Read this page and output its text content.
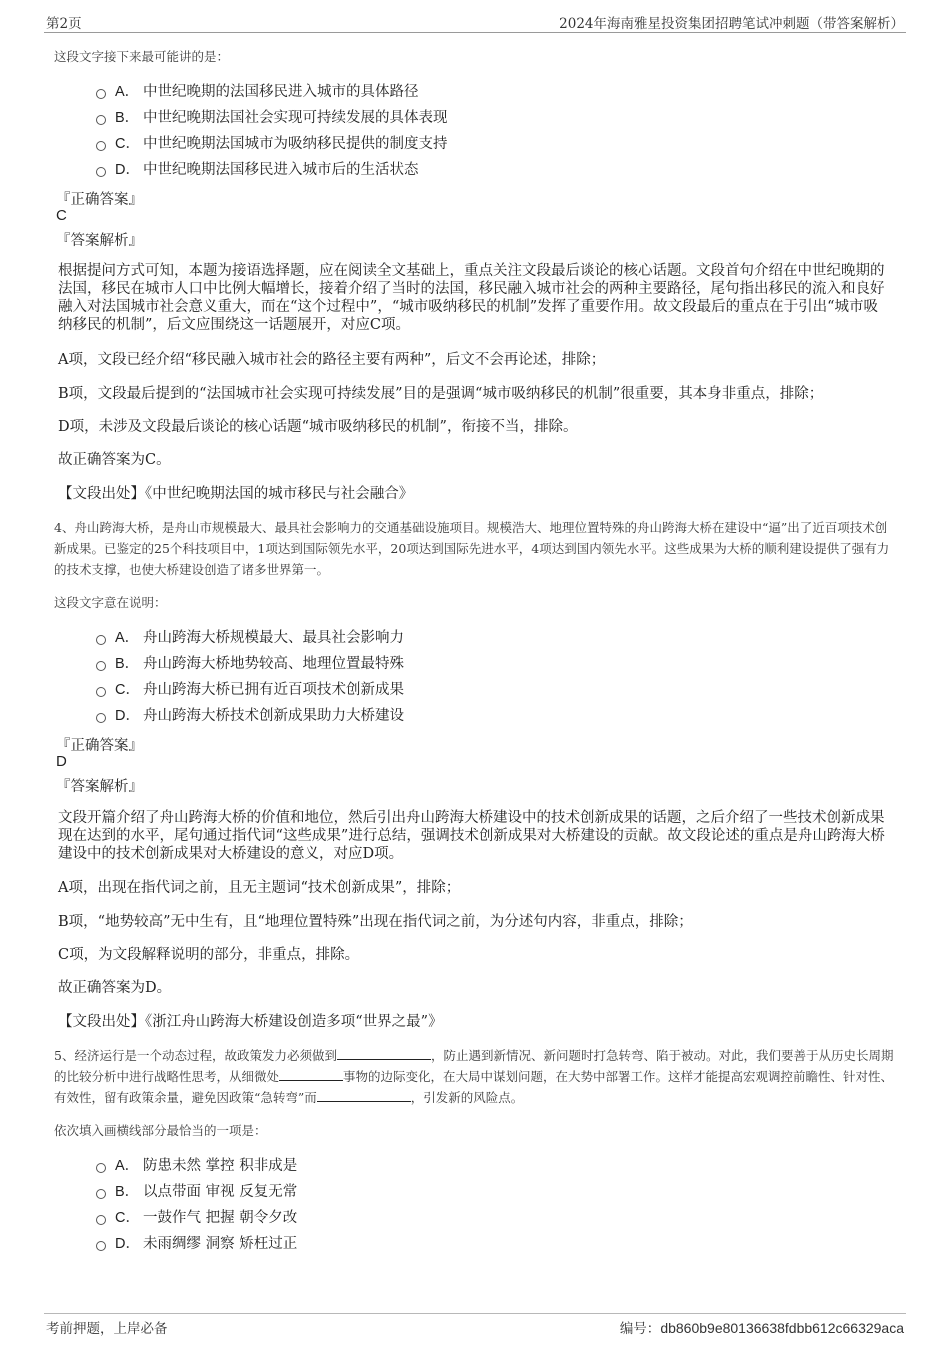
第2页	2024年海南雅星投资集团招聘笔试冲刺题（带答案解析）
这段文字接下来最可能讲的是：
A． 中世纪晚期的法国移民进入城市的具体路径
B． 中世纪晚期法国社会实现可持续发展的具体表现
C． 中世纪晚期法国城市为吸纳移民提供的制度支持
D． 中世纪晚期法国移民进入城市后的生活状态
『正确答案』
C
『答案解析』
根据提问方式可知，本题为接语选择题，应在阅读全文基础上，重点关注文段最后谈论的核心话题。文段首句介绍在中世纪晚期的法国，移民在城市人口中比例大幅增长，接着介绍了当时的法国，移民融入城市社会的两种主要路径，尾句指出移民的流入和良好融入对法国城市社会意义重大，而在“这个过程中”，“城市吸纳移民的机制”发挥了重要作用。故文段最后的重点在于引出“城市吸纳移民的机制”，后文应围绕这一话题展开，对应C项。
A项，文段已经介绍“移民融入城市社会的路径主要有两种”，后文不会再论述，排除；
B项，文段最后提到的“法国城市社会实现可持续发展”目的是强调“城市吸纳移民的机制”很重要，其本身非重点，排除；
D项，未涉及文段最后谈论的核心话题“城市吸纳移民的机制”，衔接不当，排除。
故正确答案为C。
【文段出处】《中世纪晚期法国的城市移民与社会融合》
4、舟山跨海大桥，是舟山市规模最大、最具社会影响力的交通基础设施项目。规模浩大、地理位置特殊的舟山跨海大桥在建设中“逼”出了近百项技术创新成果。已鉴定的25个科技项目中，1项达到国际领先水平，20项达到国际先进水平，4项达到国内领先水平。这些成果为大桥的顺利建设提供了强有力的技术支撑，也使大桥建设创造了诸多世界第一。
这段文字意在说明：
A． 舟山跨海大桥规模最大、最具社会影响力
B． 舟山跨海大桥地势较高、地理位置最特殊
C． 舟山跨海大桥已拥有近百项技术创新成果
D． 舟山跨海大桥技术创新成果助力大桥建设
『正确答案』
D
『答案解析』
文段开篇介绍了舟山跨海大桥的价值和地位，然后引出舟山跨海大桥建设中的技术创新成果的话题，之后介绍了一些技术创新成果现在达到的水平，尾句通过指代词“这些成果”进行总结，强调技术创新成果对大桥建设的贡献。故文段论述的重点是舟山跨海大桥建设中的技术创新成果对大桥建设的意义，对应D项。
A项，出现在指代词之前，且无主题词“技术创新成果”，排除；
B项，“地势较高”无中生有，且“地理位置特殊”出现在指代词之前，为分述句内容，非重点，排除；
C项，为文段解释说明的部分，非重点，排除。
故正确答案为D。
【文段出处】《浙江舟山跨海大桥建设创造多项“世界之最”》
5、经济运行是一个动态过程，故政策发力必须做到	，防止遇到新情况、新问题时打急转弯、陷于被动。对此，我们要善于从历史长周期的比较分析中进行战略性思考，从细微处	事物的边际变化，在大局中谋划问题，在大势中部署工作。这样才能提高宏观调控前瞻性、针对性、有效性，留有政策余量，避免因政策“急转弯”而	，引发新的风险点。
依次填入画横线部分最恰当的一项是：
A． 防患未然 掌控 积非成是
B． 以点带面 审视 反复无常
C． 一鼓作气 把握 朝令夕改
D． 未雨绸缪 洞察 矫枉过正
考前押题，上岸必备	编号：db860b9e80136638fdbb612c66329aca
